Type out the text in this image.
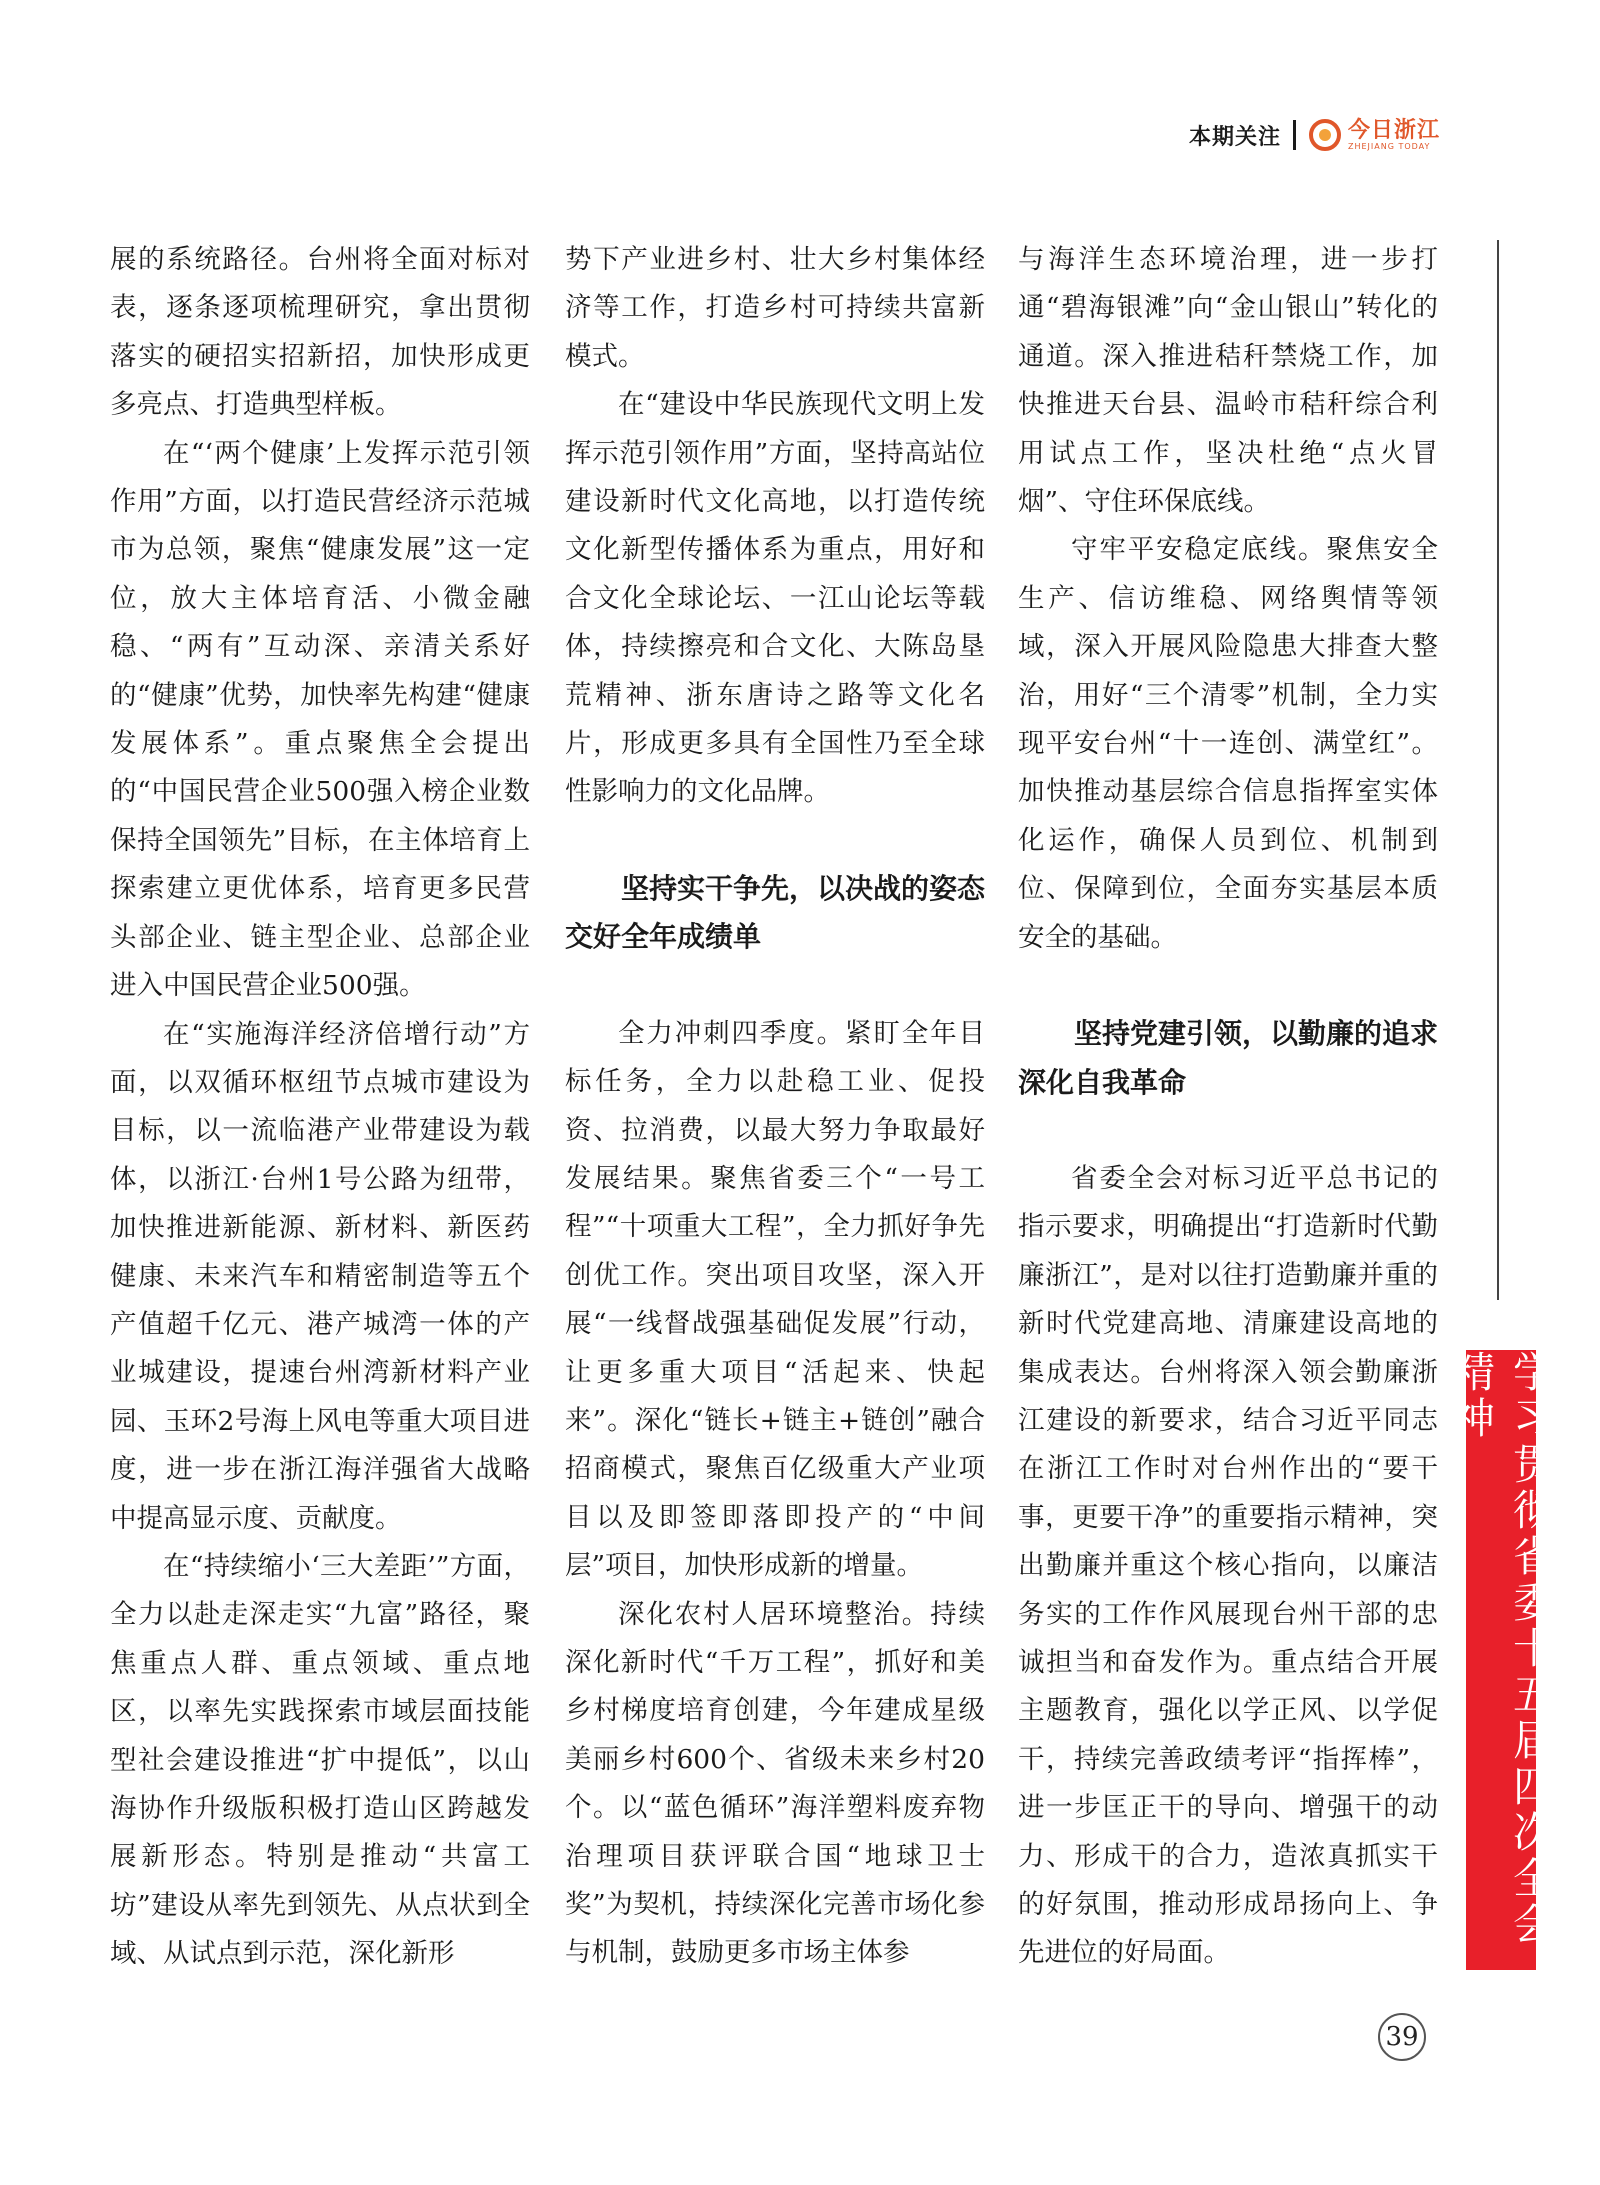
本期关注	今日浙江
ZHEJIANG TODAY

展的系统路径。台州将全面对标对表，逐条逐项梳理研究，拿出贯彻落实的硬招实招新招，加快形成更多亮点、打造典型样板。

在“‘两个健康’上发挥示范引领作用”方面，以打造民营经济示范城市为总领，聚焦“健康发展”这一定位，放大主体培育活、小微金融稳、“两有”互动深、亲清关系好的“健康”优势，加快率先构建“健康发展体系”。重点聚焦全会提出的“中国民营企业500强入榜企业数保持全国领先”目标，在主体培育上探索建立更优体系，培育更多民营头部企业、链主型企业、总部企业进入中国民营企业500强。

在“实施海洋经济倍增行动”方面，以双循环枢纽节点城市建设为目标，以一流临港产业带建设为载体，以浙江·台州1号公路为纽带，加快推进新能源、新材料、新医药健康、未来汽车和精密制造等五个产值超千亿元、港产城湾一体的产业城建设，提速台州湾新材料产业园、玉环2号海上风电等重大项目进度，进一步在浙江海洋强省大战略中提高显示度、贡献度。

在“持续缩小‘三大差距’”方面，全力以赴走深走实“九富”路径，聚焦重点人群、重点领域、重点地区，以率先实践探索市域层面技能型社会建设推进“扩中提低”，以山海协作升级版积极打造山区跨越发展新形态。特别是推动“共富工坊”建设从率先到领先、从点状到全域、从试点到示范，深化新形

势下产业进乡村、壮大乡村集体经济等工作，打造乡村可持续共富新模式。

在“建设中华民族现代文明上发挥示范引领作用”方面，坚持高站位建设新时代文化高地，以打造传统文化新型传播体系为重点，用好和合文化全球论坛、一江山论坛等载体，持续擦亮和合文化、大陈岛垦荒精神、浙东唐诗之路等文化名片，形成更多具有全国性乃至全球性影响力的文化品牌。

坚持实干争先，以决战的姿态交好全年成绩单

全力冲刺四季度。紧盯全年目标任务，全力以赴稳工业、促投资、拉消费，以最大努力争取最好发展结果。聚焦省委三个“一号工程”“十项重大工程”，全力抓好争先创优工作。突出项目攻坚，深入开展“一线督战强基础促发展”行动，让更多重大项目“活起来、快起来”。深化“链长+链主+链创”融合招商模式，聚焦百亿级重大产业项目以及即签即落即投产的“中间层”项目，加快形成新的增量。

深化农村人居环境整治。持续深化新时代“千万工程”，抓好和美乡村梯度培育创建，今年建成星级美丽乡村600个、省级未来乡村20个。以“蓝色循环”海洋塑料废弃物治理项目获评联合国“地球卫士奖”为契机，持续深化完善市场化参与机制，鼓励更多市场主体参

与海洋生态环境治理，进一步打通“碧海银滩”向“金山银山”转化的通道。深入推进秸秆禁烧工作，加快推进天台县、温岭市秸秆综合利用试点工作，坚决杜绝“点火冒烟”、守住环保底线。

守牢平安稳定底线。聚焦安全生产、信访维稳、网络舆情等领域，深入开展风险隐患大排查大整治，用好“三个清零”机制，全力实现平安台州“十一连创、满堂红”。加快推动基层综合信息指挥室实体化运作，确保人员到位、机制到位、保障到位，全面夯实基层本质安全的基础。

坚持党建引领，以勤廉的追求深化自我革命

省委全会对标习近平总书记的指示要求，明确提出“打造新时代勤廉浙江”，是对以往打造勤廉并重的新时代党建高地、清廉建设高地的集成表达。台州将深入领会勤廉浙江建设的新要求，结合习近平同志在浙江工作时对台州作出的“要干事，更要干净”的重要指示精神，突出勤廉并重这个核心指向，以廉洁务实的工作作风展现台州干部的忠诚担当和奋发作为。重点结合开展主题教育，强化以学正风、以学促干，持续完善政绩考评“指挥棒”，进一步匡正干的导向、增强干的动力、形成干的合力，造浓真抓实干的好氛围，推动形成昂扬向上、争先进位的好局面。

学习贯彻省委十五届四次全会精神
39
